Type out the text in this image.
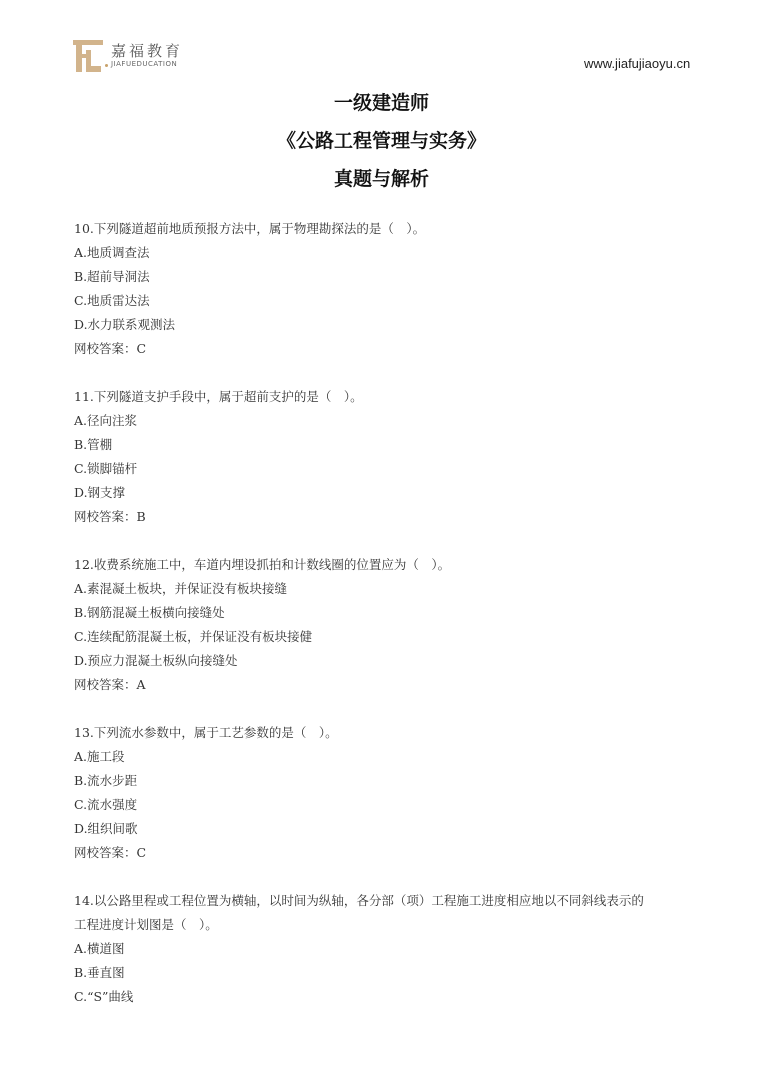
嘉福教育
JIAFUEDUCATION	www.jiafujiaoyu.cn
一级建造师
《公路工程管理与实务》
真题与解析
10.下列隧道超前地质预报方法中，属于物理勘探法的是（　）。
A.地质调查法
B.超前导洞法
C.地质雷达法
D.水力联系观测法
网校答案：C
11.下列隧道支护手段中，属于超前支护的是（　）。
A.径向注浆
B.管棚
C.锁脚锚杆
D.钢支撑
网校答案：B
12.收费系统施工中，车道内埋设抓拍和计数线圈的位置应为（　）。
A.素混凝土板块，并保证没有板块接缝
B.钢筋混凝土板横向接缝处
C.连续配筋混凝土板，并保证没有板块接健
D.预应力混凝土板纵向接缝处
网校答案：A
13.下列流水参数中，属于工艺参数的是（　）。
A.施工段
B.流水步距
C.流水强度
D.组织间歌
网校答案：C
14.以公路里程或工程位置为横轴，以时间为纵轴，各分部（项）工程施工进度相应地以不同斜线表示的
工程进度计划图是（　）。
A.横道图
B.垂直图
C.“S”曲线
